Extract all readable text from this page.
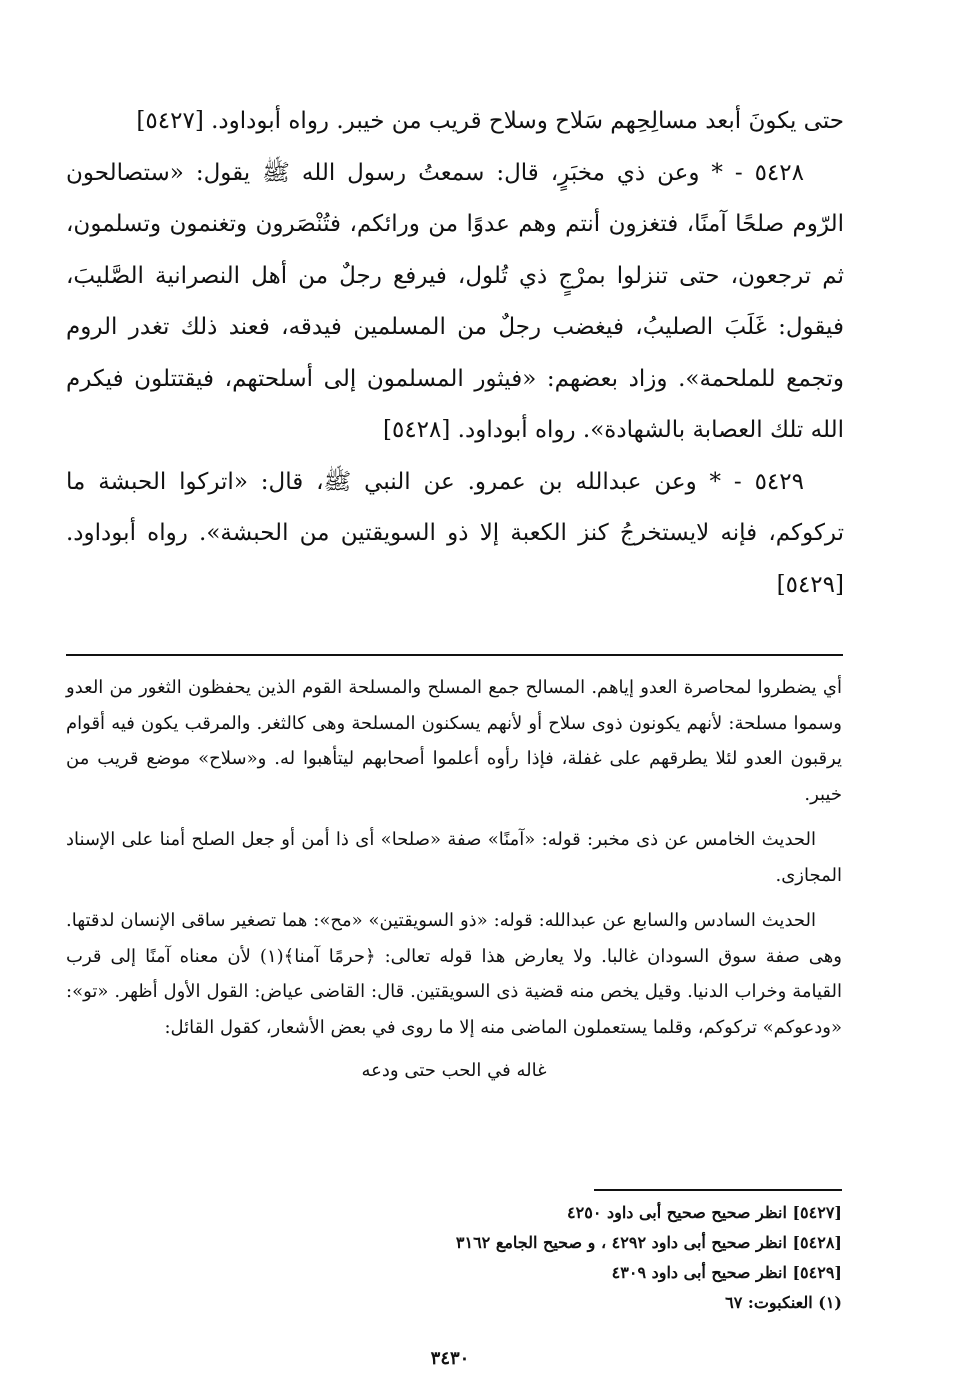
حتى يكونَ أبعد مسالِحِهم سَلاح وسلاح قريب من خيبر. رواه أبوداود. [٥٤٢٧]

٥٤٢٨ - * وعن ذي مخبَرٍ، قال: سمعتُ رسول الله ﷺ يقول: «ستصالحون الرّوم صلحًا آمنًا، فتغزون أنتم وهم عدوًا من ورائكم، فتُنْصَرون وتغنمون وتسلمون، ثم ترجعون، حتى تنزلوا بمرْجٍ ذي تُلول، فيرفع رجلٌ من أهل النصرانية الصَّليبَ، فيقول: غَلَبَ الصليبُ، فيغضب رجلٌ من المسلمين فيدقه، فعند ذلك تغدر الروم وتجمع للملحمة». وزاد بعضهم: «فيثور المسلمون إلى أسلحتهم، فيقتتلون فيكرم الله تلك العصابة بالشهادة». رواه أبوداود. [٥٤٢٨]

٥٤٢٩ - * وعن عبدالله بن عمرو. عن النبي ﷺ، قال: «اتركوا الحبشة ما تركوكم، فإنه لايستخرجُ كنز الكعبة إلا ذو السويقتين من الحبشة». رواه أبوداود. [٥٤٢٩]

أي يضطروا لمحاصرة العدو إياهم. المسالح جمع المسلح والمسلحة القوم الذين يحفظون الثغور من العدو وسموا مسلحة: لأنهم يكونون ذوى سلاح أو لأنهم يسكنون المسلحة وهى كالثغر. والمرقب يكون فيه أقوام يرقبون العدو لئلا يطرقهم على غفلة، فإذا رأوه أعلموا أصحابهم ليتأهبوا له. و«سلاح» موضع قريب من خيبر.

الحديث الخامس عن ذى مخبر: قوله: «آمنًا» صفة «صلحا» أى ذا أمن أو جعل الصلح أمنا على الإسناد المجازى.

الحديث السادس والسابع عن عبدالله: قوله: «ذو السويقتين» «مح»: هما تصغير ساقى الإنسان لدقتها. وهى صفة سوق السودان غالبا. ولا يعارض هذا قوله تعالى: ﴿حرمًا آمنا﴾(١) لأن معناه آمنًا إلى قرب القيامة وخراب الدنيا. وقيل يخص منه قضية ذى السويقتين. قال: القاضى عياض: القول الأول أظهر. «تو»: «ودعوكم» تركوكم، وقلما يستعملون الماضى منه إلا ما روى في بعض الأشعار، كقول القائل:

غاله في الحب حتى ودعه
[٥٤٢٧] انظر صحيح صحيح أبى داود ٤٢٥٠
[٥٤٢٨] انظر صحيح أبى داود ٤٢٩٢ ، و صحيح الجامع ٣١٦٢
[٥٤٢٩] انظر صحيح أبى داود ٤٣٠٩
(١) العنكبوت: ٦٧
٣٤٣٠
